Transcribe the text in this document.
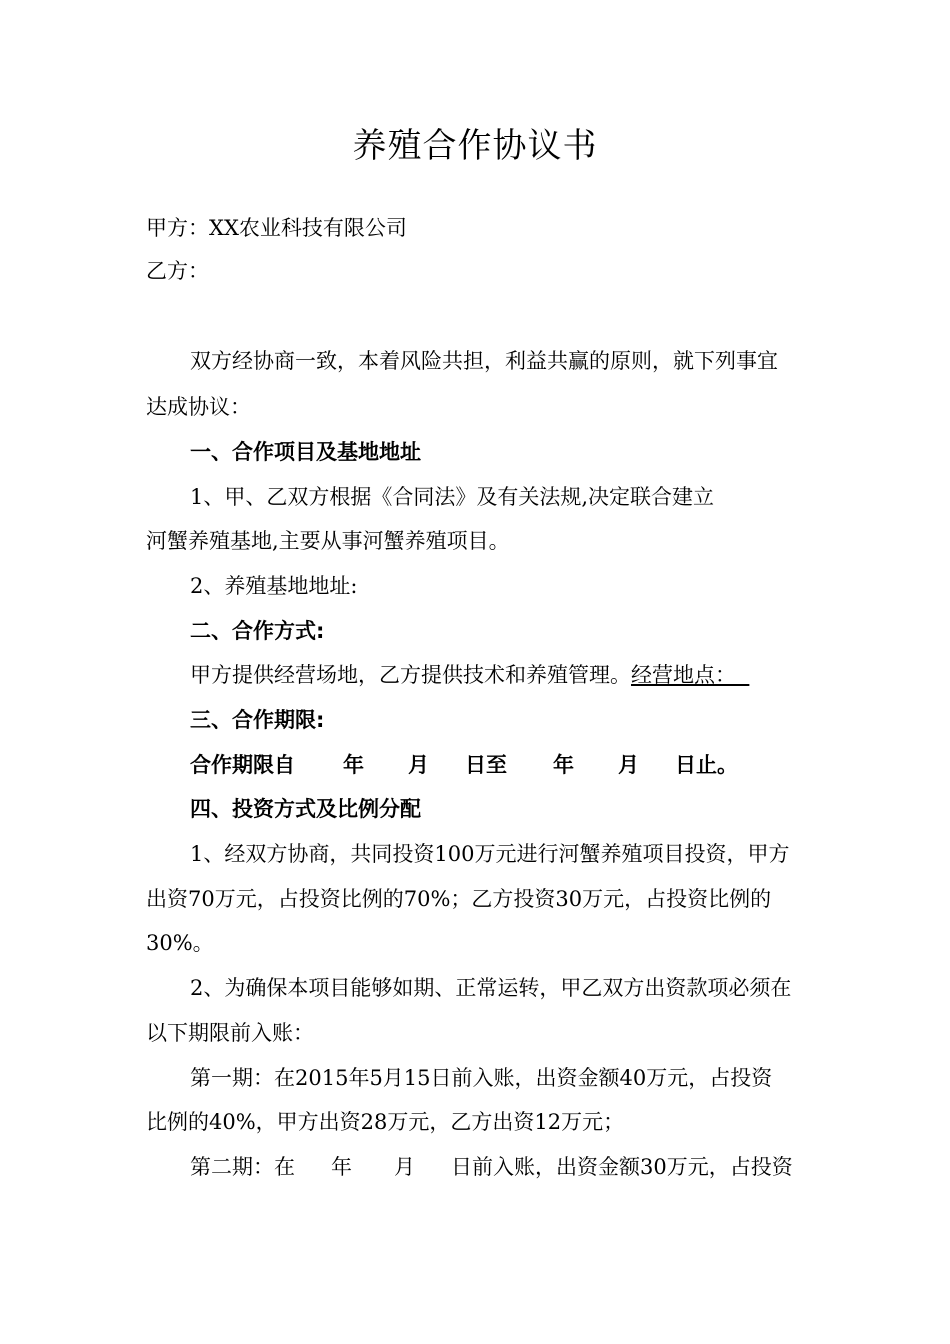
养殖合作协议书
甲方：XX农业科技有限公司
乙方：
双方经协商一致，本着风险共担，利益共赢的原则，就下列事宜
达成协议：
一、合作项目及基地地址
1、甲、乙双方根据《合同法》及有关法规,决定联合建立
河蟹养殖基地,主要从事河蟹养殖项目。
2、养殖基地地址:
二、合作方式:
甲方提供经营场地，乙方提供技术和养殖管理。经营地点：
三、合作期限:
合作期限自 年 月 日至 年 月 日止。
四、投资方式及比例分配
1、经双方协商，共同投资100万元进行河蟹养殖项目投资，甲方
出资70万元，占投资比例的70%；乙方投资30万元，占投资比例的
30%。
2、为确保本项目能够如期、正常运转，甲乙双方出资款项必须在
以下期限前入账：
第一期：在2015年5月15日前入账，出资金额40万元，占投资
比例的40%，甲方出资28万元，乙方出资12万元；
第二期：在 年 月 日前入账，出资金额30万元，占投资
